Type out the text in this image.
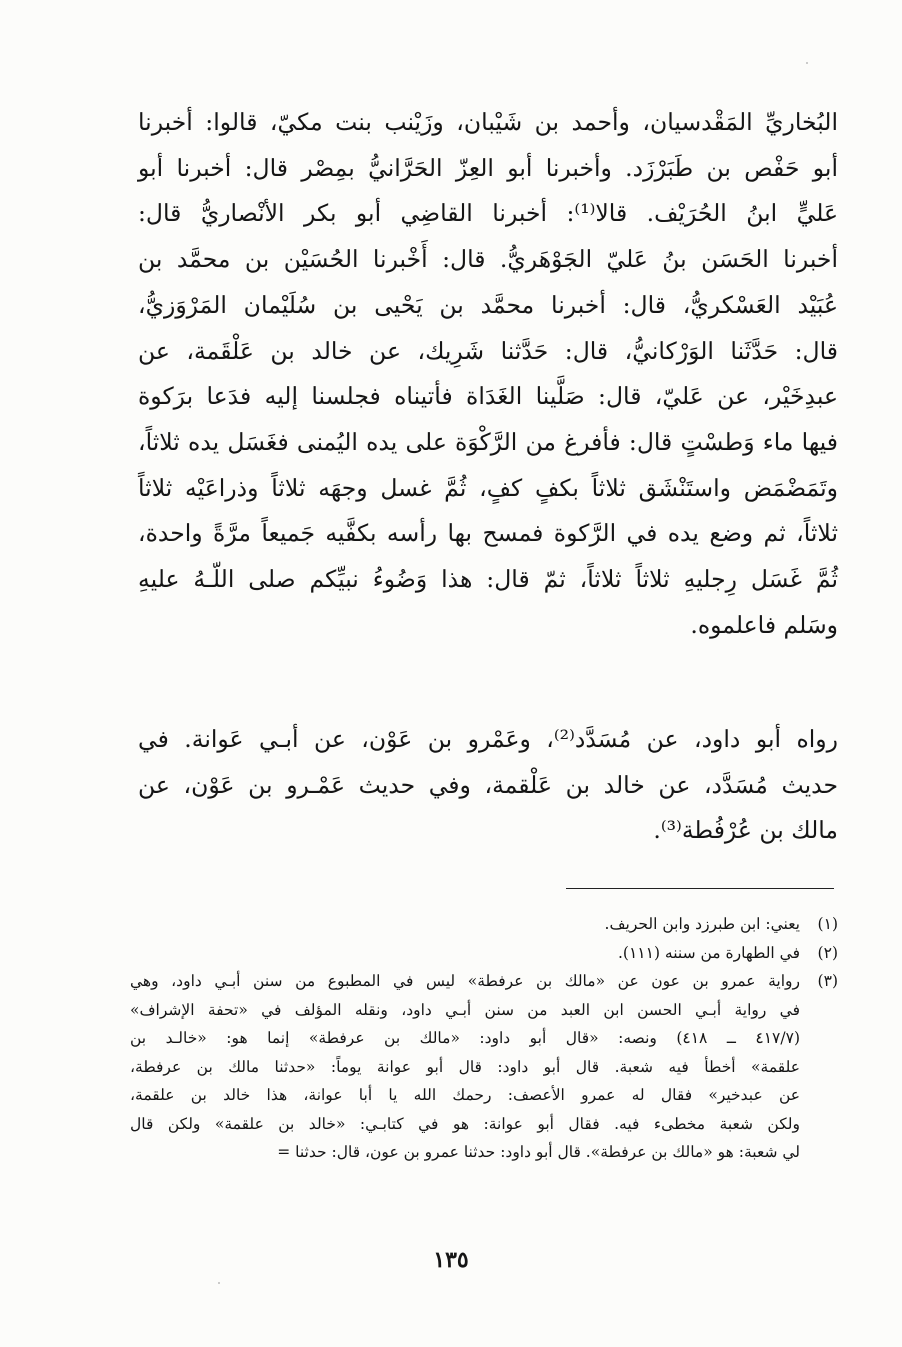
البُخاريِّ المَقْدسيان، وأحمد بن شَيْبان، وزَيْنب بنت مكيّ، قالوا: أخبرنا
أبو حَفْص بن طَبَرْزَد. وأخبرنا أبو العِزّ الحَرَّانيُّ بمِصْر قال: أخبرنا أبو
عَليٍّ ابنُ الحُرَيْف. قالا⁽¹⁾: أخبرنا القاضِي أبو بكر الأنْصاريُّ قال:
أخبرنا الحَسَن بنُ عَليّ الجَوْهَريُّ. قال: أَخْبرنا الحُسَيْن بن محمَّد بن
عُبَيْد العَسْكريُّ، قال: أخبرنا محمَّد بن يَحْيى بن سُلَيْمان المَرْوَزيُّ،
قال: حَدَّثَنا الوَرْكانيُّ، قال: حَدَّثنا شَرِيك، عن خالد بن عَلْقَمة، عن
عبدِخَيْر، عن عَليّ، قال: صَلَّينا الغَدَاة فأتيناه فجلسنا إليه فدَعا برَكوة
فيها ماء وَطسْتٍ قال: فأفرغ من الرَّكْوَة على يده اليُمنى فغَسَل يده ثلاثاً،
وتَمَضْمَض واستَنْشَق ثلاثاً بكفٍ كفٍ، ثُمَّ غسل وجهَه ثلاثاً وذراعَيْه ثلاثاً
ثلاثاً، ثم وضع يده في الرَّكوة فمسح بها رأسه بكفَّيه جَميعاً مرَّةً واحدة،
ثُمَّ غَسَل رِجليهِ ثلاثاً ثلاثاً، ثمّ قال: هذا وَضُوءُ نبيِّكم صلى اللّـهُ عليهِ
وسَلم فاعلموه.
رواه أبو داود، عن مُسَدَّد⁽²⁾، وعَمْرو بن عَوْن، عن أبـي عَوانة. في
حديث مُسَدَّد، عن خالد بن عَلْقمة، وفي حديث عَمْـرو بن عَوْن، عن
مالك بن عُرْفُطة⁽³⁾.
(١)
يعني: ابن طبرزد وابن الحريف.
(٢)
في الطهارة من سننه (١١١).
(٣)
رواية عمرو بن عون عن «مالك بن عرفطة» ليس في المطبوع من سنن أبـي داود، وهي
في رواية أبـي الحسن ابن العبد من سنن أبـي داود، ونقله المؤلف في «تحفة الإشراف»
(٤١٧/٧ ــ ٤١٨) ونصه: «قال أبو داود: «مالك بن عرفطة» إنما هو: «خالـد بن
علقمة» أخطأ فيه شعبة. قال أبو داود: قال أبو عوانة يوماً: «حدثنا مالك بن عرفطة،
عن عبدخير» فقال له عمرو الأعصف: رحمك الله يا أبا عوانة، هذا خالد بن علقمة،
ولكن شعبة مخطىء فيه. فقال أبو عوانة: هو في كتابـي: «خالد بن علقمة» ولكن قال
لي شعبة: هو «مالك بن عرفطة». قال أبو داود: حدثنا عمرو بن عون، قال: حدثنا =
١٣٥
